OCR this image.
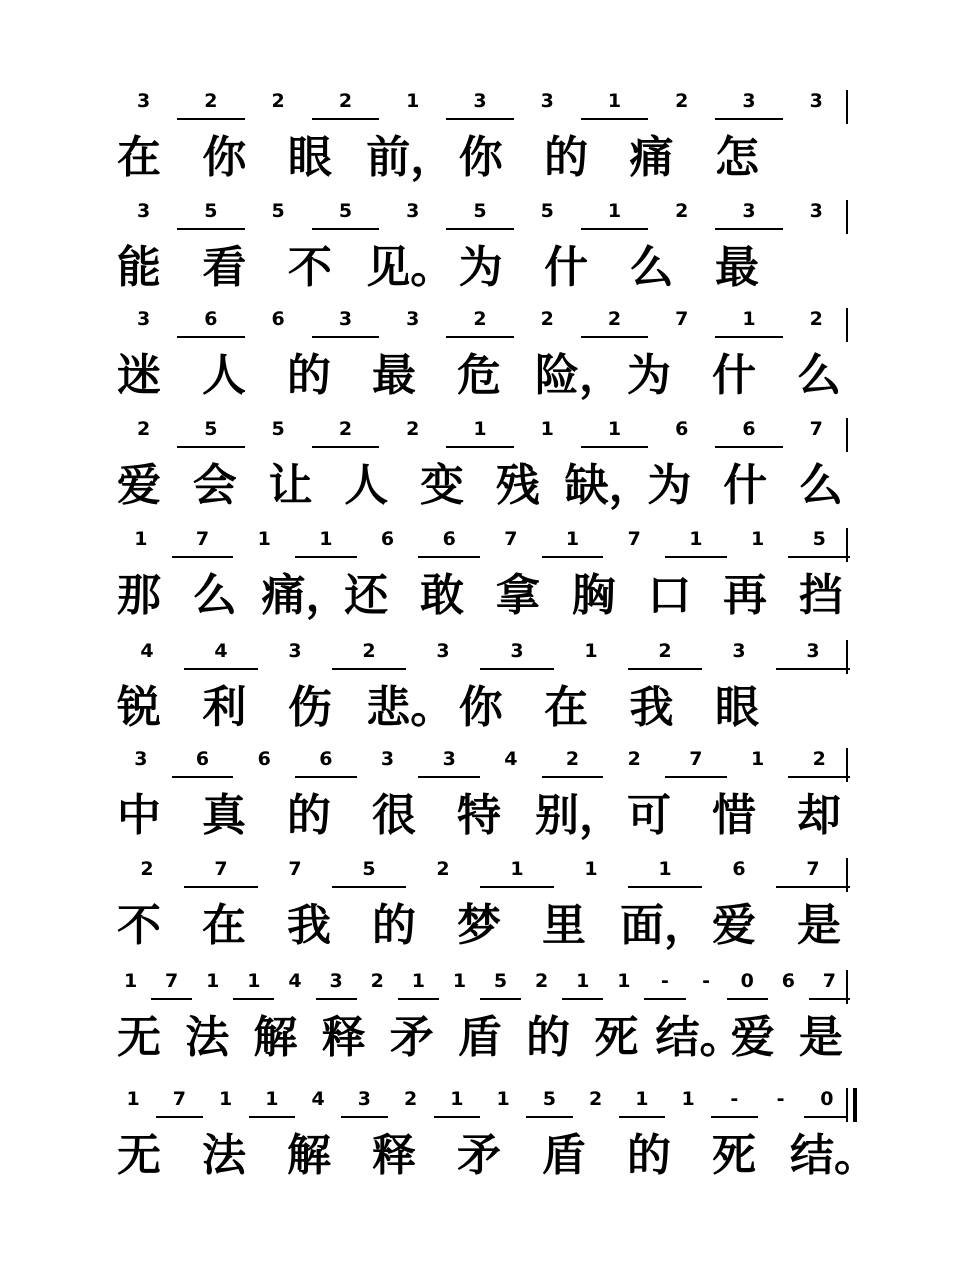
3	2	2	2	1	3	3	1	2	3	3
在 你 眼 前， 你 的 痛 怎
3	5	5	5	3	5	5	1	2	3	3
能 看 不 见。 为 什 么 最
3	6	6	3	3	2	2	2	7	1	2
迷 人 的 最 危 险， 为 什 么
2	5	5	2	2	1	1	1	6	6	7
爱 会 让 人 变 残 缺，
为 什 么
1	7	1	1	6	6	7	1	7	1	1	5
那 么 痛，
还 敢 拿 胸 口 再 挡
4	4	3	2	3	3	1	2	3	3
锐 利 伤 悲。 你 在 我 眼
3	6	6	6	3	3	4	2	2	7	1	2
中 真 的 很 特 别， 可 惜 却
2	7	7	5	2	1	1	1	6	7
不 在 我 的 梦 里 面， 爱 是
1	7	1	1	4	3	2	1	1	5	2	1	1	-	-	0	6	7
无 法 解 释 矛 盾 的 死 结。
爱 是
1	7	1	1	4	3	2	1	1	5	2	1	1	-	-	0
无 法 解 释 矛 盾 的 死 结。
